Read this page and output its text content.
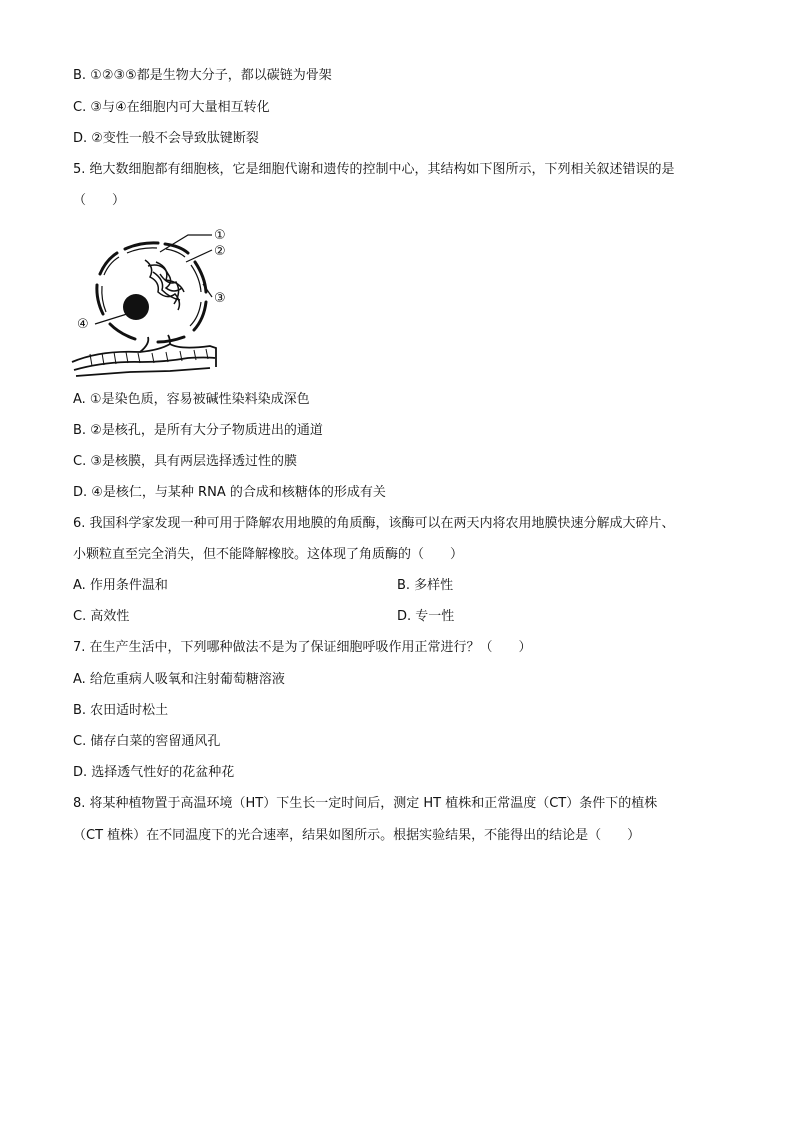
B. ①②③⑤都是生物大分子，都以碳链为骨架
C. ③与④在细胞内可大量相互转化
D. ②变性一般不会导致肽键断裂
5. 绝大数细胞都有细胞核，它是细胞代谢和遗传的控制中心，其结构如下图所示，下列相关叙述错误的是
（　　）
①
②
③
④
A. ①是染色质，容易被碱性染料染成深色
B. ②是核孔，是所有大分子物质进出的通道
C. ③是核膜，具有两层选择透过性的膜
D. ④是核仁，与某种 RNA 的合成和核糖体的形成有关
6. 我国科学家发现一种可用于降解农用地膜的角质酶，该酶可以在两天内将农用地膜快速分解成大碎片、
小颗粒直至完全消失，但不能降解橡胶。这体现了角质酶的（　　）
A. 作用条件温和	B. 多样性
C. 高效性	D. 专一性
7. 在生产生活中，下列哪种做法不是为了保证细胞呼吸作用正常进行？（　　）
A. 给危重病人吸氧和注射葡萄糖溶液
B. 农田适时松土
C. 储存白菜的窖留通风孔
D. 选择透气性好的花盆种花
8. 将某种植物置于高温环境（HT）下生长一定时间后，测定 HT 植株和正常温度（CT）条件下的植株
（CT 植株）在不同温度下的光合速率，结果如图所示。根据实验结果，不能得出的结论是（　　）
